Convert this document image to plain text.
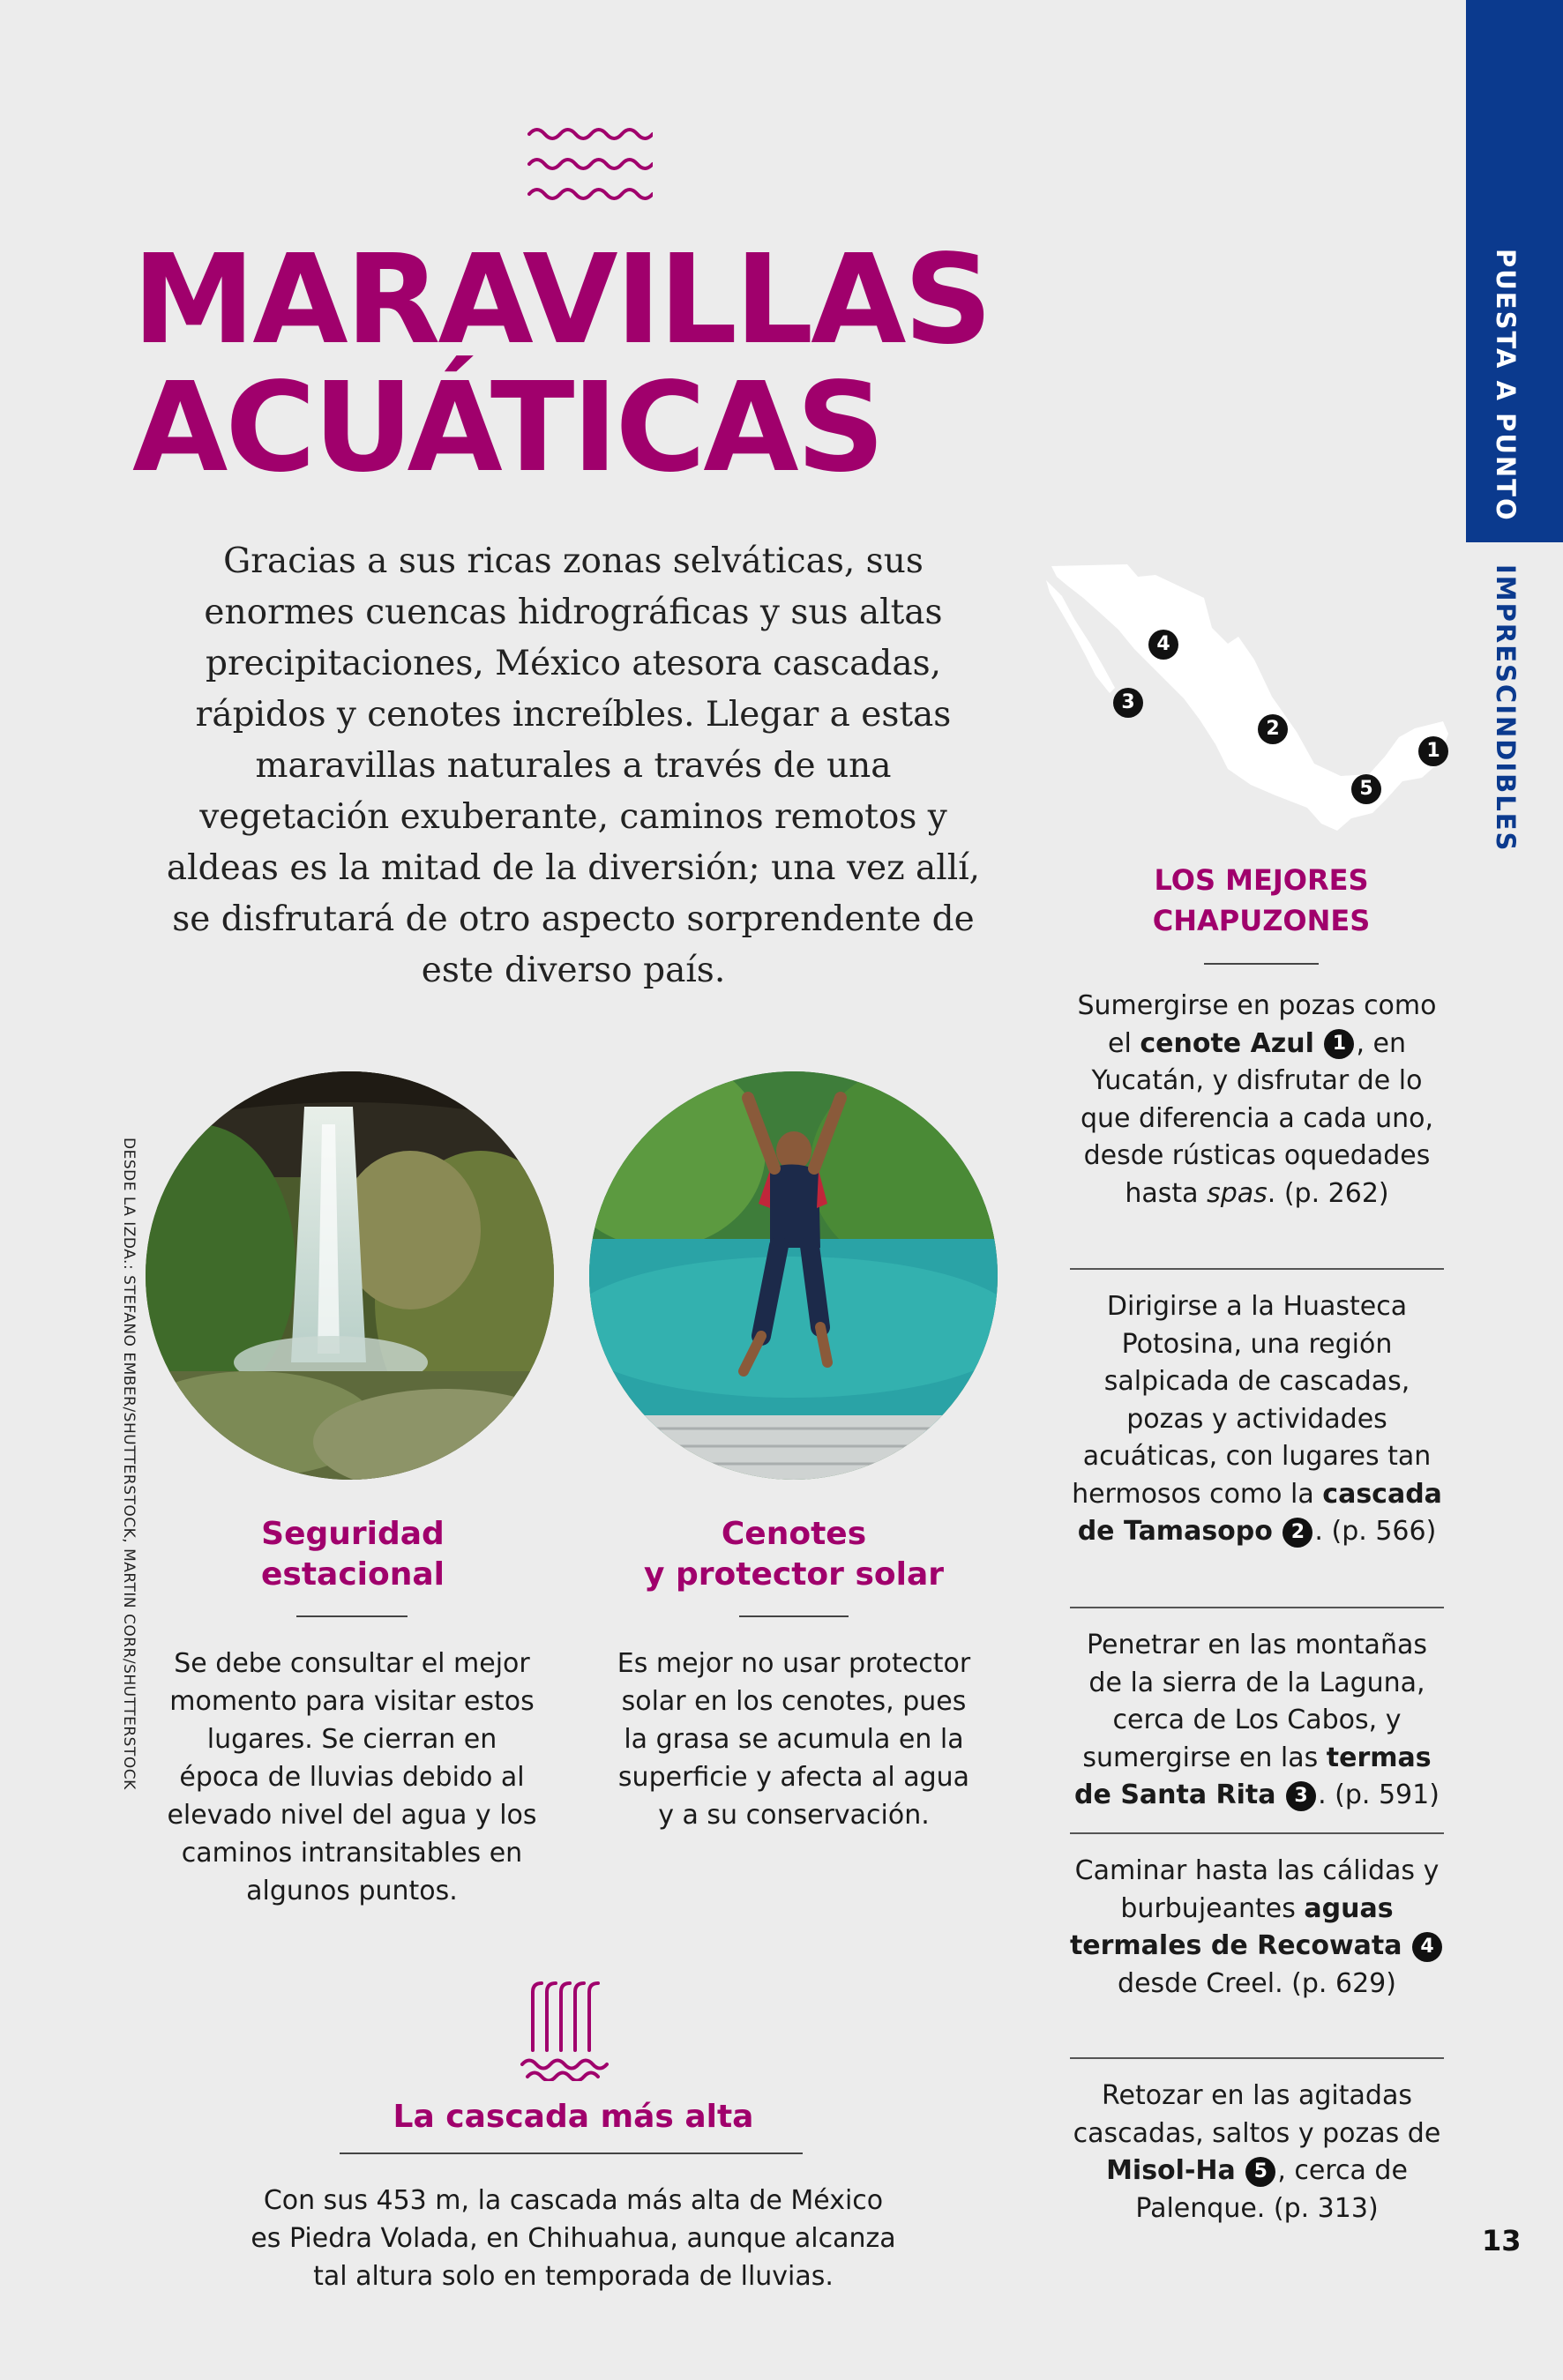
PUESTA A PUNTO
IMPRESCINDIBLES
MARAVILLAS
ACUÁTICAS
Gracias a sus ricas zonas selváticas, sus enormes cuencas hidrográficas y sus altas precipitaciones, México atesora cascadas, rápidos y cenotes increíbles. Llegar a estas maravillas naturales a través de una vegetación exuberante, caminos remotos y aldeas es la mitad de la diversión; una vez allí, se disfrutará de otro aspecto sorprendente de este diverso país.
4
3
2
1
5
LOS MEJORES CHAPUZONES
Sumergirse en pozas como el cenote Azul 1 , en Yucatán, y disfrutar de lo que diferencia a cada uno, desde rústicas oquedades hasta spas. (p. 262)
Dirigirse a la Huasteca Potosina, una región salpicada de cascadas, pozas y actividades acuáticas, con lugares tan hermosos como la cascada de Tamasopo 2 . (p. 566)
Penetrar en las montañas de la sierra de la Laguna, cerca de Los Cabos, y sumergirse en las termas de Santa Rita 3 . (p. 591)
Caminar hasta las cálidas y burbujeantes aguas termales de Recowata 4 desde Creel. (p. 629)
Retozar en las agitadas cascadas, saltos y pozas de Misol-Ha 5 , cerca de Palenque. (p. 313)
DESDE LA IZDA.: STEFANO EMBER/SHUTTERSTOCK, MARTIN CORR/SHUTTERSTOCK	Seguridad
estacional
Se debe consultar el mejor momento para visitar estos lugares. Se cierran en época de lluvias debido al elevado nivel del agua y los caminos intransitables en algunos puntos.
Cenotes
y protector solar
Es mejor no usar protector solar en los cenotes, pues la grasa se acumula en la superficie y afecta al agua y a su conservación.
La cascada más alta
Con sus 453 m, la cascada más alta de México es Piedra Volada, en Chihuahua, aunque alcanza tal altura solo en temporada de lluvias.
13
